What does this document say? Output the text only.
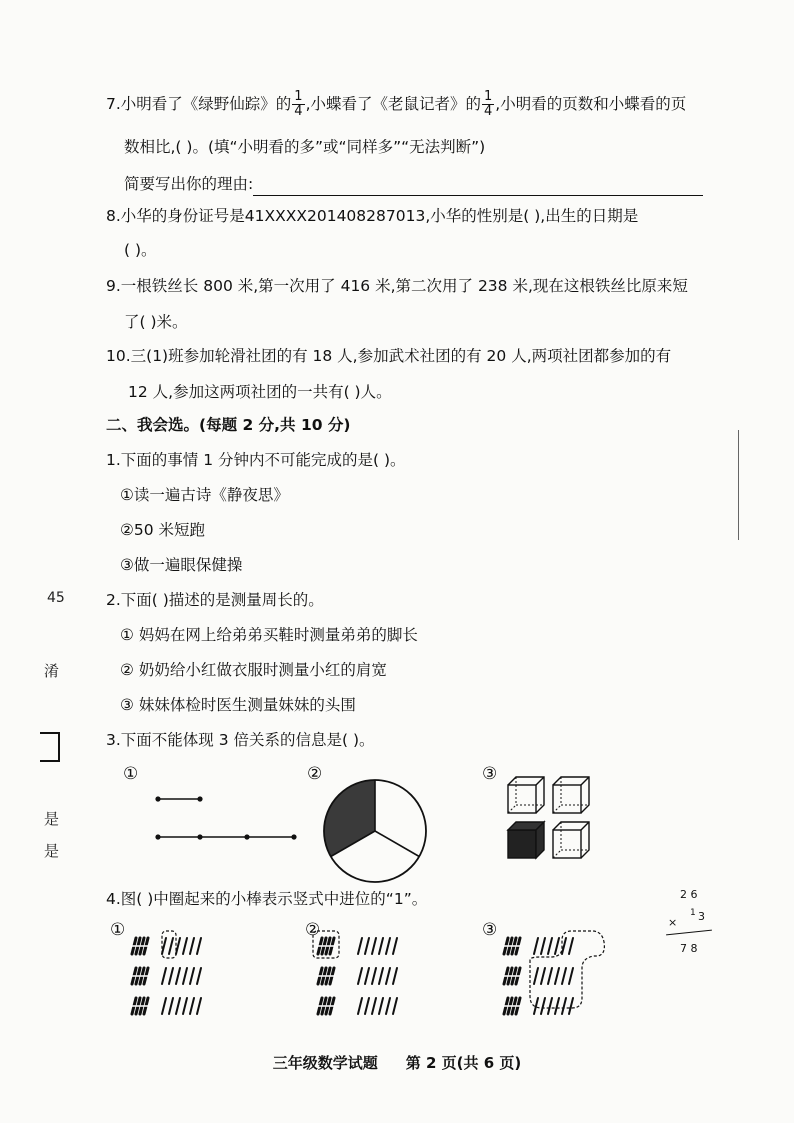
7.小明看了《绿野仙踪》的 $\frac{1}{4}$ ,小蝶看了《老鼠记者》的 $\frac{1}{4}$ ,小明看的页数和小蝶看的页
数相比,( )。(填“小明看的多”或“同样多”“无法判断”)
简要写出你的理由:
8.小华的身份证号是41XXXX201408287013,小华的性别是( ),出生的日期是
( )。
9.一根铁丝长 800 米,第一次用了 416 米,第二次用了 238 米,现在这根铁丝比原来短
了( )米。
10.三(1)班参加轮滑社团的有 18 人,参加武术社团的有 20 人,两项社团都参加的有
12 人,参加这两项社团的一共有( )人。
二、我会选。(每题 2 分,共 10 分)
1.下面的事情 1 分钟内不可能完成的是( )。
①读一遍古诗《静夜思》
②50 米短跑
③做一遍眼保健操
2.下面( )描述的是测量周长的。
① 妈妈在网上给弟弟买鞋时测量弟弟的脚长
② 奶奶给小红做衣服时测量小红的肩宽
③ 妹妹体检时医生测量妹妹的头围
3.下面不能体现 3 倍关系的信息是( )。
①	②	③
4.图( )中圈起来的小棒表示竖式中进位的“1”。
①	②	③
2 6
×
1 3
7 8
45
淆
是
是
三年级数学试题 第 2 页(共 6 页)
